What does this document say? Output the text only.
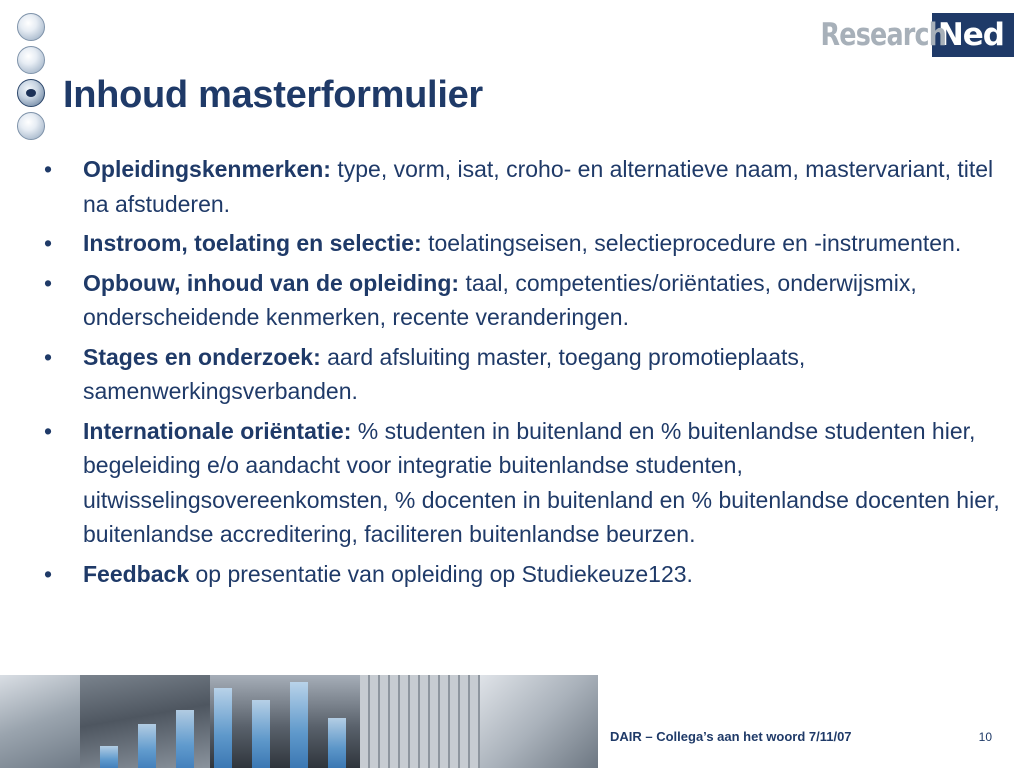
Research
Ned
Inhoud masterformulier
• Opleidingskenmerken: type, vorm, isat, croho- en alternatieve naam, mastervariant, titel na afstuderen.
• Instroom, toelating en selectie: toelatingseisen, selectieprocedure en -instrumenten.
• Opbouw, inhoud van de opleiding: taal, competenties/oriëntaties, onderwijsmix, onderscheidende kenmerken, recente veranderingen.
• Stages en onderzoek: aard afsluiting master, toegang promotieplaats, samenwerkingsverbanden.
• Internationale oriëntatie: % studenten in buitenland en % buitenlandse studenten hier, begeleiding e/o aandacht voor integratie buitenlandse studenten, uitwisselingsovereenkomsten, % docenten in buitenland en % buitenlandse docenten hier, buitenlandse accreditering, faciliteren buitenlandse beurzen.
• Feedback op presentatie van opleiding op Studiekeuze123.
DAIR – Collega’s aan het woord 7/11/07	10
